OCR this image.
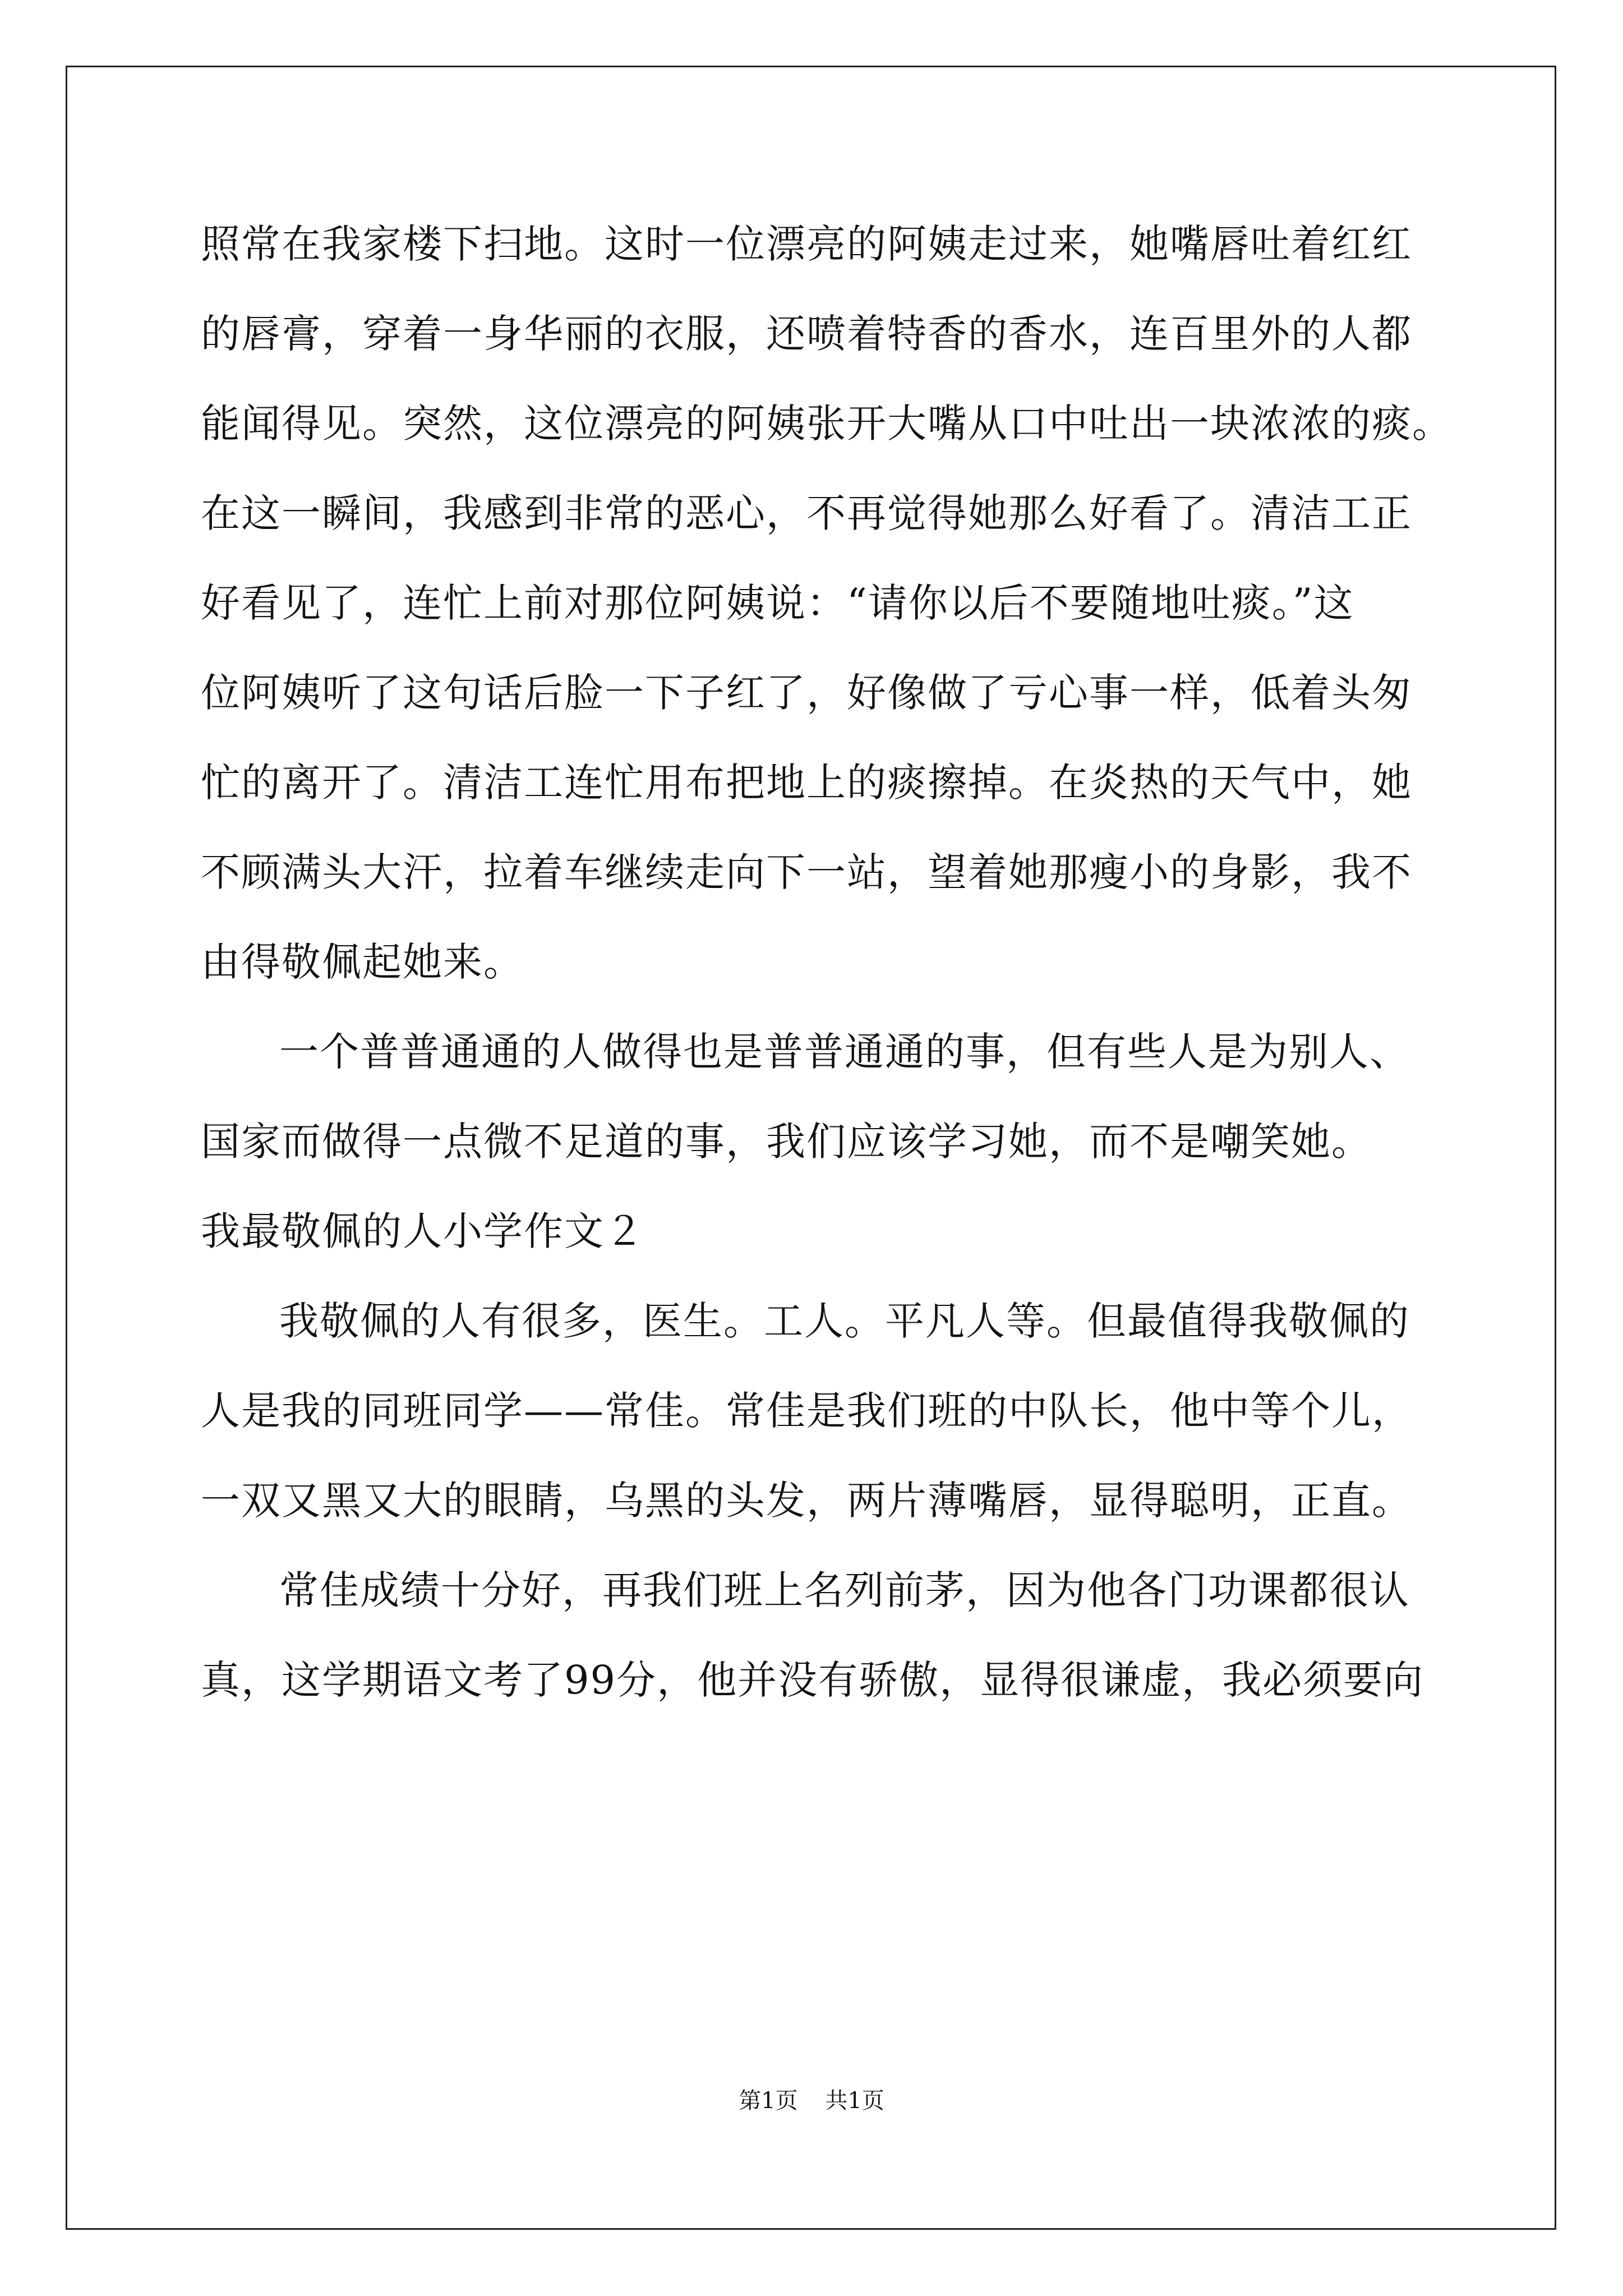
照常在我家楼下扫地。这时一位漂亮的阿姨走过来，她嘴唇吐着红红
的唇膏，穿着一身华丽的衣服，还喷着特香的香水，连百里外的人都
能闻得见。突然，这位漂亮的阿姨张开大嘴从口中吐出一块浓浓的痰。
在这一瞬间，我感到非常的恶心，不再觉得她那么好看了。清洁工正
好看见了，连忙上前对那位阿姨说：“请你以后不要随地吐痰。”这
位阿姨听了这句话后脸一下子红了，好像做了亏心事一样，低着头匆
忙的离开了。清洁工连忙用布把地上的痰擦掉。在炎热的天气中，她
不顾满头大汗，拉着车继续走向下一站，望着她那瘦小的身影，我不
由得敬佩起她来。
一个普普通通的人做得也是普普通通的事，但有些人是为别人、
国家而做得一点微不足道的事，我们应该学习她，而不是嘲笑她。
我最敬佩的人小学作文２
我敬佩的人有很多，医生。工人。平凡人等。但最值得我敬佩的
人是我的同班同学——常佳。常佳是我们班的中队长，他中等个儿，
一双又黑又大的眼睛，乌黑的头发，两片薄嘴唇，显得聪明，正直。
常佳成绩十分好，再我们班上名列前茅，因为他各门功课都很认
真，这学期语文考了99分，他并没有骄傲，显得很谦虚，我必须要向
第1页 共1页
